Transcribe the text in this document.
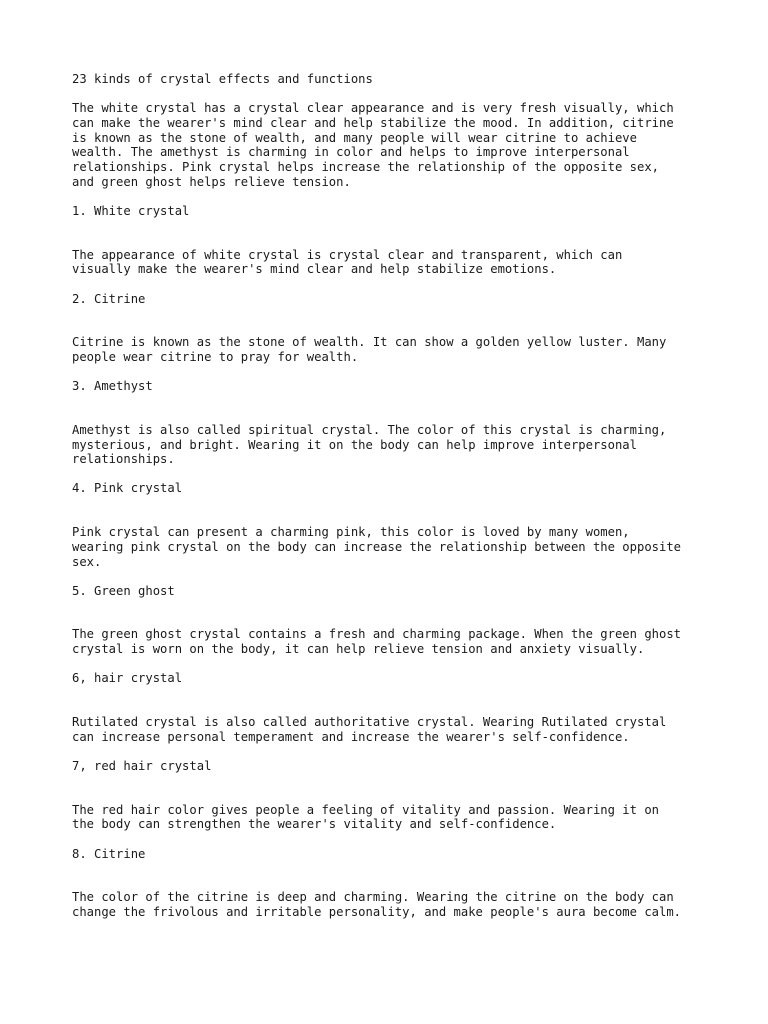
23 kinds of crystal effects and functions

The white crystal has a crystal clear appearance and is very fresh visually, which
can make the wearer's mind clear and help stabilize the mood. In addition, citrine
is known as the stone of wealth, and many people will wear citrine to achieve
wealth. The amethyst is charming in color and helps to improve interpersonal
relationships. Pink crystal helps increase the relationship of the opposite sex,
and green ghost helps relieve tension.

1. White crystal

The appearance of white crystal is crystal clear and transparent, which can
visually make the wearer's mind clear and help stabilize emotions.

2. Citrine

Citrine is known as the stone of wealth. It can show a golden yellow luster. Many
people wear citrine to pray for wealth.

3. Amethyst

Amethyst is also called spiritual crystal. The color of this crystal is charming,
mysterious, and bright. Wearing it on the body can help improve interpersonal
relationships.

4. Pink crystal

Pink crystal can present a charming pink, this color is loved by many women,
wearing pink crystal on the body can increase the relationship between the opposite
sex.

5. Green ghost

The green ghost crystal contains a fresh and charming package. When the green ghost
crystal is worn on the body, it can help relieve tension and anxiety visually.

6, hair crystal

Rutilated crystal is also called authoritative crystal. Wearing Rutilated crystal
can increase personal temperament and increase the wearer's self-confidence.

7, red hair crystal

The red hair color gives people a feeling of vitality and passion. Wearing it on
the body can strengthen the wearer's vitality and self-confidence.

8. Citrine

The color of the citrine is deep and charming. Wearing the citrine on the body can
change the frivolous and irritable personality, and make people's aura become calm.
